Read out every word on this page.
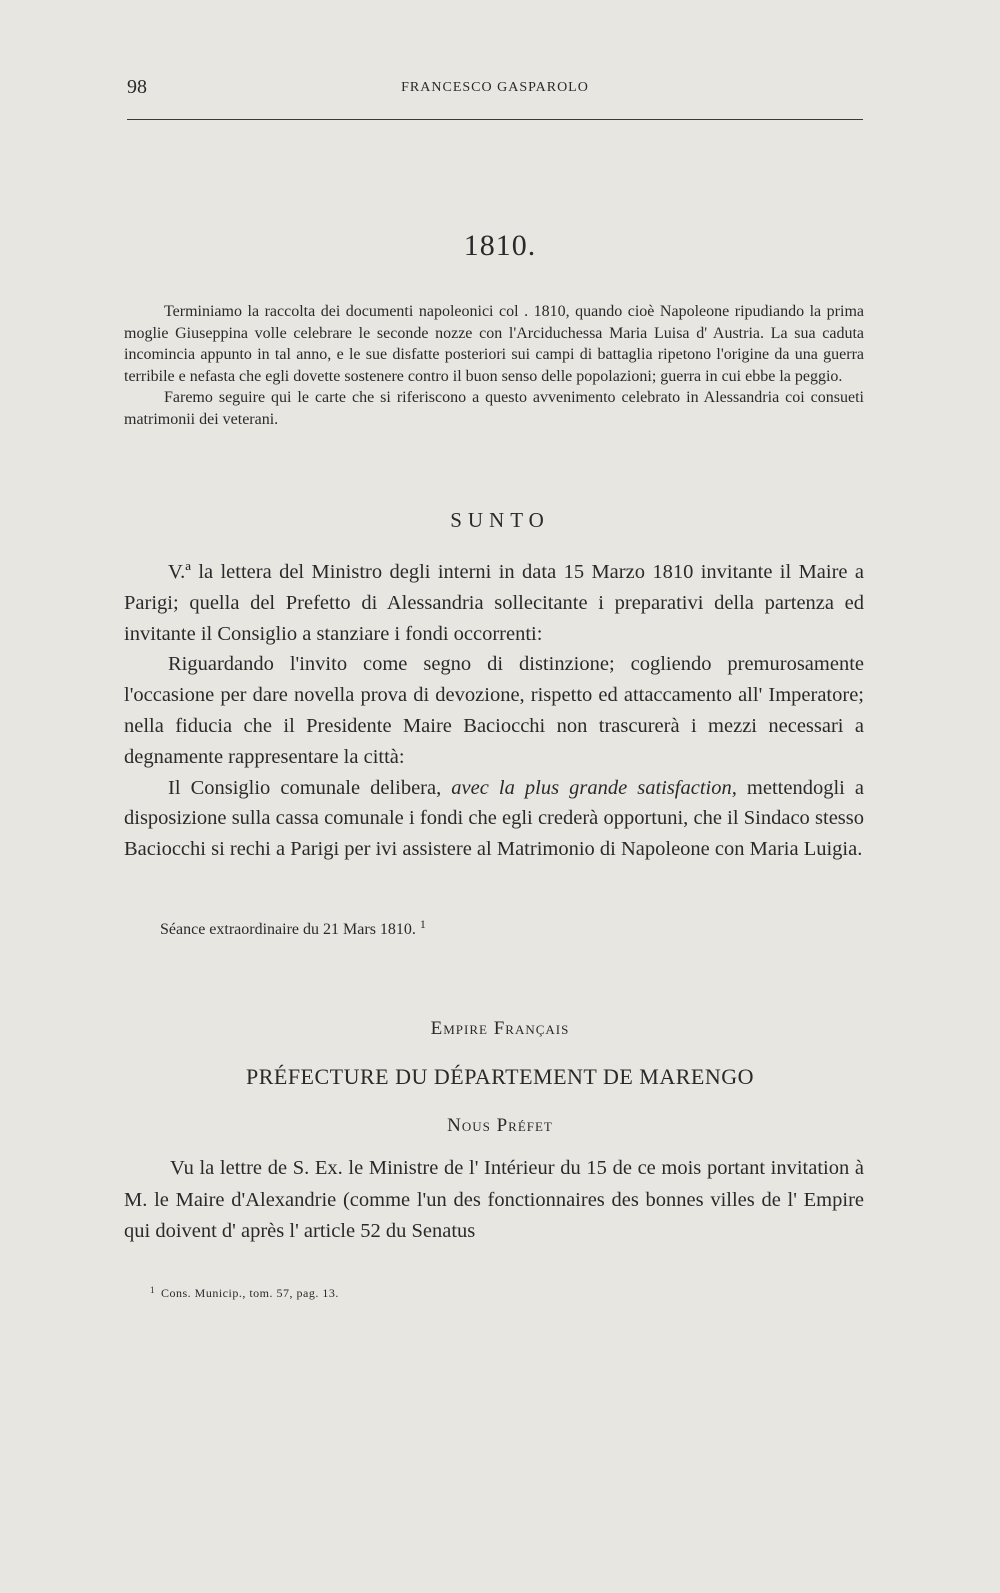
98	FRANCESCO GASPAROLO
1810.

Terminiamo la raccolta dei documenti napoleonici col . 1810, quando cioè Napoleone ripudiando la prima moglie Giuseppina volle celebrare le seconde nozze con l'Arciduchessa Maria Luisa d' Austria. La sua caduta incomincia appunto in tal anno, e le sue disfatte posteriori sui campi di battaglia ripetono l'origine da una guerra terribile e nefasta che egli dovette sostenere contro il buon senso delle popolazioni; guerra in cui ebbe la peggio.

Faremo seguire qui le carte che si riferiscono a questo avvenimento celebrato in Alessandria coi consueti matrimonii dei veterani.

SUNTO

V.ª la lettera del Ministro degli interni in data 15 Marzo 1810 invitante il Maire a Parigi; quella del Prefetto di Alessandria sollecitante i preparativi della partenza ed invitante il Consiglio a stanziare i fondi occorrenti:

Riguardando l'invito come segno di distinzione; cogliendo premurosamente l'occasione per dare novella prova di devozione, rispetto ed attaccamento all' Imperatore; nella fiducia che il Presidente Maire Baciocchi non trascurerà i mezzi necessari a degnamente rappresentare la città:

Il Consiglio comunale delibera, avec la plus grande satisfaction, mettendogli a disposizione sulla cassa comunale i fondi che egli crederà opportuni, che il Sindaco stesso Baciocchi si rechi a Parigi per ivi assistere al Matrimonio di Napoleone con Maria Luigia.

Séance extraordinaire du 21 Mars 1810. $^1$
Empire Français
PRÉFECTURE DU DÉPARTEMENT DE MARENGO
Nous Préfet

Vu la lettre de S. Ex. le Ministre de l' Intérieur du 15 de ce mois portant invitation à M. le Maire d'Alexandrie (comme l'un des fonctionnaires des bonnes villes de l' Empire qui doivent d' après l' article 52 du Senatus

$^1$ Cons. Municip., tom. 57, pag. 13.
